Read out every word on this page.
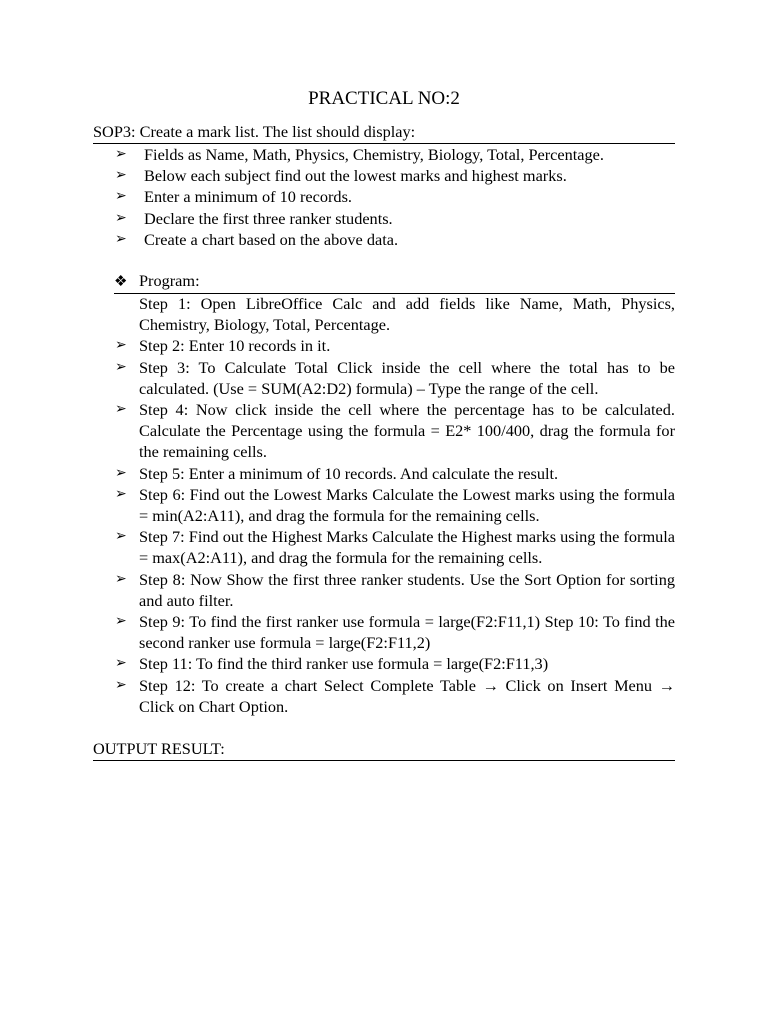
PRACTICAL NO:2
SOP3: Create a mark list. The list should display:
➢ Fields as Name, Math, Physics, Chemistry, Biology, Total, Percentage.
➢ Below each subject find out the lowest marks and highest marks.
➢ Enter a minimum of 10 records.
➢ Declare the first three ranker students.
➢ Create a chart based on the above data.
❖ Program:
Step 1: Open LibreOffice Calc and add fields like Name, Math, Physics, Chemistry, Biology, Total, Percentage.
➢ Step 2: Enter 10 records in it.
➢ Step 3: To Calculate Total Click inside the cell where the total has to be calculated. (Use = SUM(A2:D2) formula) – Type the range of the cell.
➢ Step 4: Now click inside the cell where the percentage has to be calculated. Calculate the Percentage using the formula = E2* 100/400, drag the formula for the remaining cells.
➢ Step 5: Enter a minimum of 10 records. And calculate the result.
➢ Step 6: Find out the Lowest Marks Calculate the Lowest marks using the formula = min(A2:A11), and drag the formula for the remaining cells.
➢ Step 7: Find out the Highest Marks Calculate the Highest marks using the formula = max(A2:A11), and drag the formula for the remaining cells.
➢ Step 8: Now Show the first three ranker students. Use the Sort Option for sorting and auto filter.
➢ Step 9: To find the first ranker use formula = large(F2:F11,1) Step 10: To find the second ranker use formula = large(F2:F11,2)
➢ Step 11: To find the third ranker use formula = large(F2:F11,3)
➢ Step 12: To create a chart Select Complete Table → Click on Insert Menu → Click on Chart Option.
OUTPUT RESULT:
